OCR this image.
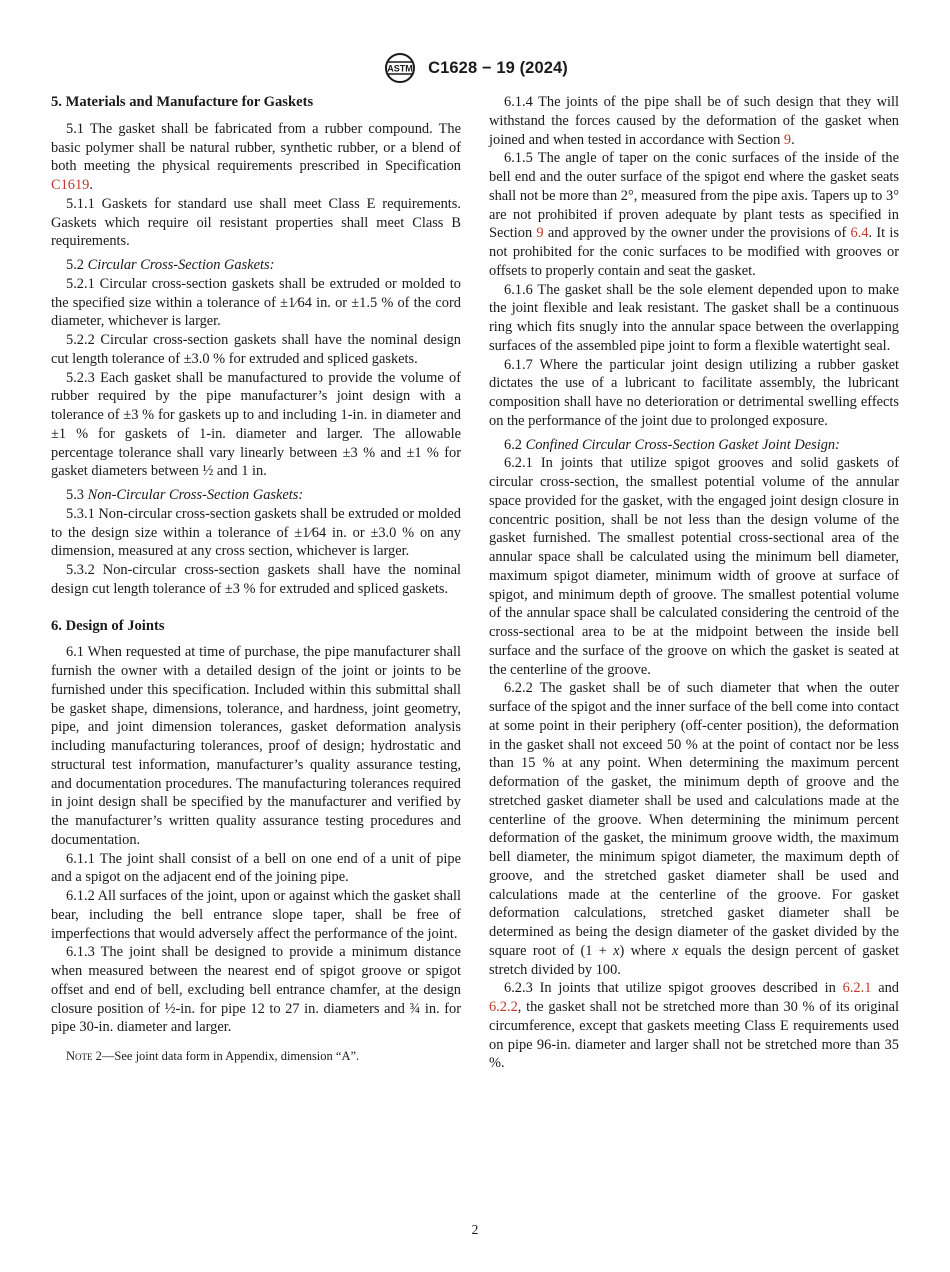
ASTM C1628 − 19 (2024)
5. Materials and Manufacture for Gaskets

5.1 The gasket shall be fabricated from a rubber compound. The basic polymer shall be natural rubber, synthetic rubber, or a blend of both meeting the physical requirements prescribed in Specification C1619.

5.1.1 Gaskets for standard use shall meet Class E requirements. Gaskets which require oil resistant properties shall meet Class B requirements.

5.2 Circular Cross-Section Gaskets:

5.2.1 Circular cross-section gaskets shall be extruded or molded to the specified size within a tolerance of ±1⁄64 in. or ±1.5 % of the cord diameter, whichever is larger.

5.2.2 Circular cross-section gaskets shall have the nominal design cut length tolerance of ±3.0 % for extruded and spliced gaskets.

5.2.3 Each gasket shall be manufactured to provide the volume of rubber required by the pipe manufacturer’s joint design with a tolerance of ±3 % for gaskets up to and including 1-in. in diameter and ±1 % for gaskets of 1-in. diameter and larger. The allowable percentage tolerance shall vary linearly between ±3 % and ±1 % for gasket diameters between ½ and 1 in.

5.3 Non-Circular Cross-Section Gaskets:

5.3.1 Non-circular cross-section gaskets shall be extruded or molded to the design size within a tolerance of ±1⁄64 in. or ±3.0 % on any dimension, measured at any cross section, whichever is larger.

5.3.2 Non-circular cross-section gaskets shall have the nominal design cut length tolerance of ±3 % for extruded and spliced gaskets.

6. Design of Joints

6.1 When requested at time of purchase, the pipe manufacturer shall furnish the owner with a detailed design of the joint or joints to be furnished under this specification. Included within this submittal shall be gasket shape, dimensions, tolerance, and hardness, joint geometry, pipe, and joint dimension tolerances, gasket deformation analysis including manufacturing tolerances, proof of design; hydrostatic and structural test information, manufacturer’s quality assurance testing, and documentation procedures. The manufacturing tolerances required in joint design shall be specified by the manufacturer and verified by the manufacturer’s written quality assurance testing procedures and documentation.

6.1.1 The joint shall consist of a bell on one end of a unit of pipe and a spigot on the adjacent end of the joining pipe.

6.1.2 All surfaces of the joint, upon or against which the gasket shall bear, including the bell entrance slope taper, shall be free of imperfections that would adversely affect the performance of the joint.

6.1.3 The joint shall be designed to provide a minimum distance when measured between the nearest end of spigot groove or spigot offset and end of bell, excluding bell entrance chamfer, at the design closure position of ½-in. for pipe 12 to 27 in. diameters and ¾ in. for pipe 30-in. diameter and larger.

Note 2—See joint data form in Appendix, dimension “A”.

6.1.4 The joints of the pipe shall be of such design that they will withstand the forces caused by the deformation of the gasket when joined and when tested in accordance with Section 9.

6.1.5 The angle of taper on the conic surfaces of the inside of the bell end and the outer surface of the spigot end where the gasket seats shall not be more than 2°, measured from the pipe axis. Tapers up to 3° are not prohibited if proven adequate by plant tests as specified in Section 9 and approved by the owner under the provisions of 6.4. It is not prohibited for the conic surfaces to be modified with grooves or offsets to properly contain and seat the gasket.

6.1.6 The gasket shall be the sole element depended upon to make the joint flexible and leak resistant. The gasket shall be a continuous ring which fits snugly into the annular space between the overlapping surfaces of the assembled pipe joint to form a flexible watertight seal.

6.1.7 Where the particular joint design utilizing a rubber gasket dictates the use of a lubricant to facilitate assembly, the lubricant composition shall have no deterioration or detrimental swelling effects on the performance of the joint due to prolonged exposure.

6.2 Confined Circular Cross-Section Gasket Joint Design:

6.2.1 In joints that utilize spigot grooves and solid gaskets of circular cross-section, the smallest potential volume of the annular space provided for the gasket, with the engaged joint design closure in concentric position, shall be not less than the design volume of the gasket furnished. The smallest potential cross-sectional area of the annular space shall be calculated using the minimum bell diameter, maximum spigot diameter, minimum width of groove at surface of spigot, and minimum depth of groove. The smallest potential volume of the annular space shall be calculated considering the centroid of the cross-sectional area to be at the midpoint between the inside bell surface and the surface of the groove on which the gasket is seated at the centerline of the groove.

6.2.2 The gasket shall be of such diameter that when the outer surface of the spigot and the inner surface of the bell come into contact at some point in their periphery (off-center position), the deformation in the gasket shall not exceed 50 % at the point of contact nor be less than 15 % at any point. When determining the maximum percent deformation of the gasket, the minimum depth of groove and the stretched gasket diameter shall be used and calculations made at the centerline of the groove. When determining the minimum percent deformation of the gasket, the minimum groove width, the maximum bell diameter, the minimum spigot diameter, the maximum depth of groove, and the stretched gasket diameter shall be used and calculations made at the centerline of the groove. For gasket deformation calculations, stretched gasket diameter shall be determined as being the design diameter of the gasket divided by the square root of (1 + x) where x equals the design percent of gasket stretch divided by 100.

6.2.3 In joints that utilize spigot grooves described in 6.2.1 and 6.2.2, the gasket shall not be stretched more than 30 % of its original circumference, except that gaskets meeting Class E requirements used on pipe 96-in. diameter and larger shall not be stretched more than 35 %.

2
